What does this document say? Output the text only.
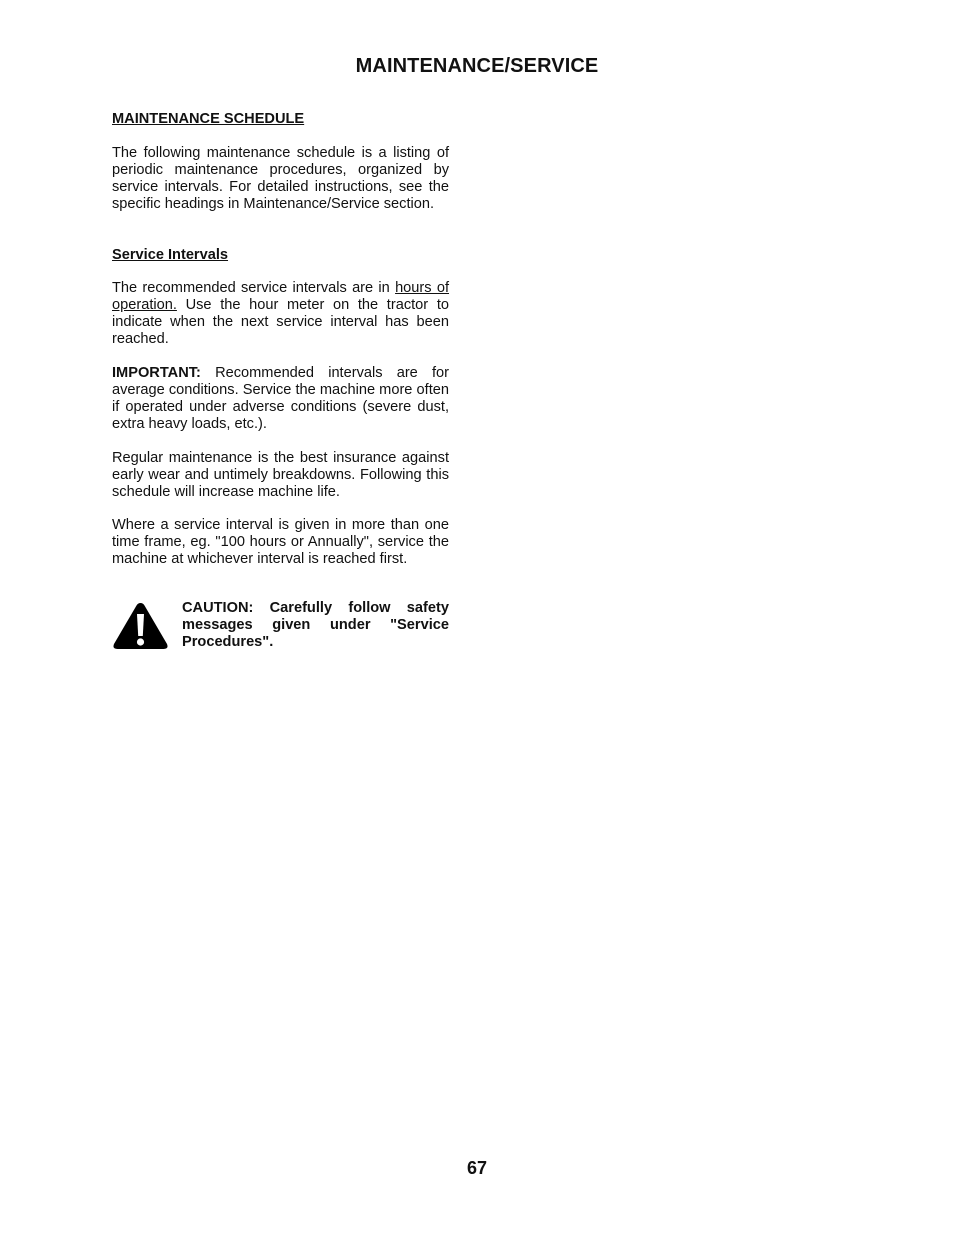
MAINTENANCE/SERVICE

MAINTENANCE SCHEDULE

The following maintenance schedule is a listing of periodic maintenance procedures, organized by service intervals. For detailed instructions, see the specific headings in Maintenance/Service section.

Service Intervals

The recommended service intervals are in hours of operation. Use the hour meter on the tractor to indicate when the next service interval has been reached.

IMPORTANT: Recommended intervals are for average conditions. Service the machine more often if operated under adverse conditions (severe dust, extra heavy loads, etc.).

Regular maintenance is the best insurance against early wear and untimely breakdowns. Following this schedule will increase machine life.

Where a service interval is given in more than one time frame, eg. "100 hours or Annually", service the machine at whichever interval is reached first.

CAUTION: Carefully follow safety messages given under "Service Procedures".
67
